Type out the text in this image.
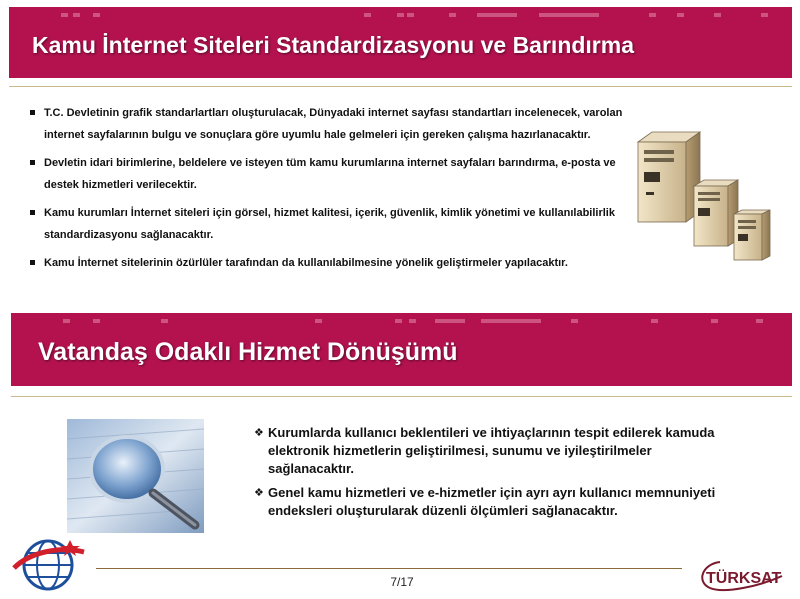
Kamu İnternet Siteleri Standardizasyonu ve Barındırma
T.C. Devletinin grafik standarlartları oluşturulacak, Dünyadaki internet sayfası standartları incelenecek, varolan internet sayfalarının bulgu ve sonuçlara göre uyumlu hale gelmeleri için gereken çalışma hazırlanacaktır.
Devletin idari birimlerine, beldelere ve isteyen tüm kamu kurumlarına internet sayfaları barındırma, e-posta ve destek hizmetleri verilecektir.
Kamu kurumları İnternet siteleri için görsel, hizmet kalitesi, içerik, güvenlik, kimlik yönetimi ve kullanılabilirlik standardizasyonu sağlanacaktır.
Kamu İnternet sitelerinin özürlüler tarafından da kullanılabilmesine yönelik geliştirmeler yapılacaktır.
Vatandaş Odaklı Hizmet Dönüşümü
❖ Kurumlarda kullanıcı beklentileri ve ihtiyaçlarının tespit edilerek kamuda elektronik hizmetlerin geliştirilmesi, sunumu ve iyileştirilmeler sağlanacaktır.
❖ Genel kamu hizmetleri ve e-hizmetler için ayrı ayrı kullanıcı memnuniyeti endeksleri oluşturularak düzenli ölçümleri sağlanacaktır.
7/17	TÜRKSAT
